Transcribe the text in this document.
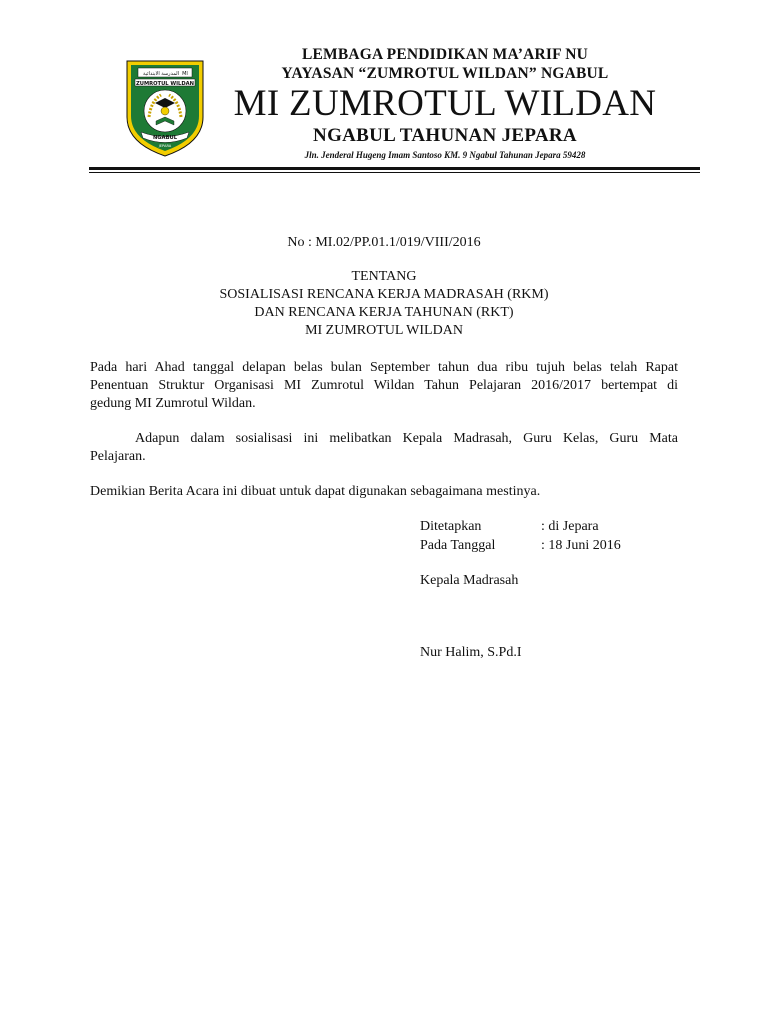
المدرسة الابتدائية MI
ZUMROTUL WILDAN
NGABUL
JEPARA
LEMBAGA PENDIDIKAN MA’ARIF NU
YAYASAN “ZUMROTUL WILDAN” NGABUL
MI ZUMROTUL WILDAN
NGABUL TAHUNAN JEPARA
Jln. Jenderal Hugeng Imam Santoso KM. 9 Ngabul Tahunan Jepara 59428
No : MI.02/PP.01.1/019/VIII/2016
TENTANG
SOSIALISASI RENCANA KERJA MADRASAH (RKM)
DAN RENCANA KERJA TAHUNAN (RKT)
MI ZUMROTUL WILDAN
Pada hari Ahad tanggal delapan belas bulan September tahun dua ribu tujuh belas telah Rapat
Penentuan Struktur Organisasi MI Zumrotul Wildan Tahun Pelajaran 2016/2017 bertempat di
gedung MI Zumrotul Wildan.
Adapun dalam sosialisasi ini melibatkan Kepala Madrasah, Guru Kelas, Guru Mata
Pelajaran.
Demikian Berita Acara ini dibuat untuk dapat digunakan sebagaimana mestinya.
Ditetapkan	: di Jepara
Pada Tanggal	: 18 Juni 2016
Kepala Madrasah
Nur Halim, S.Pd.I
